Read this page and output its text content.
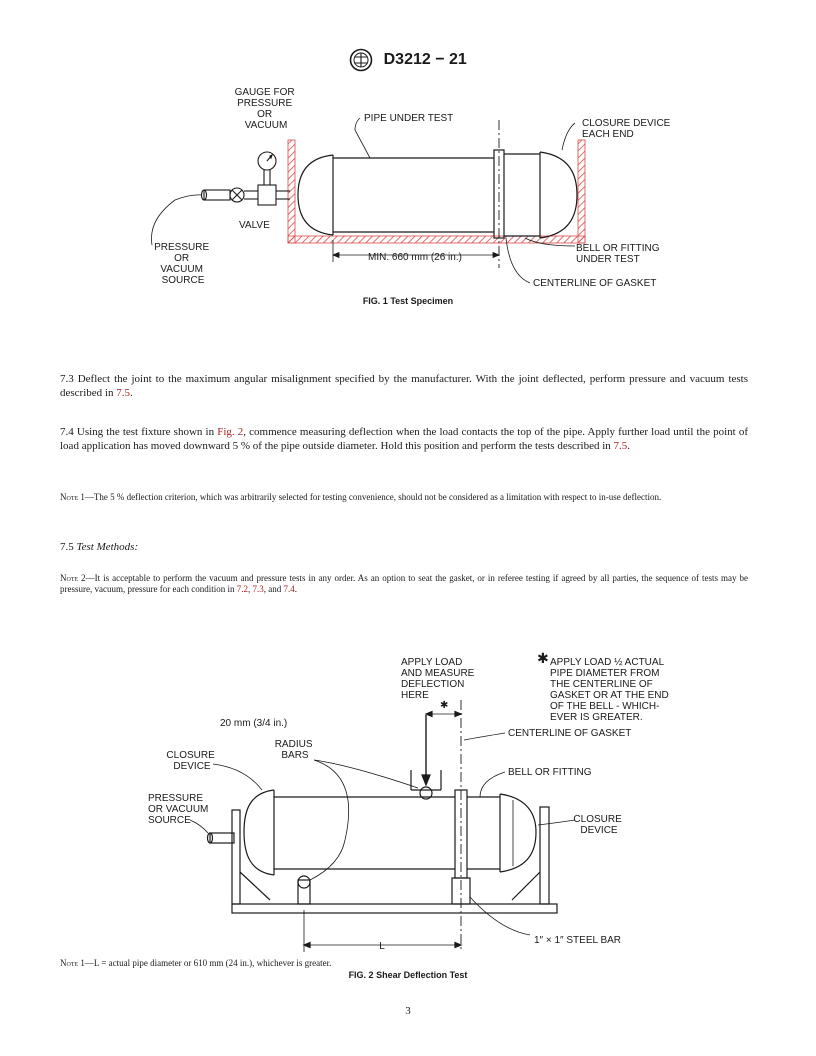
D3212 − 21
GAUGE FOR PRESSURE OR VACUUM
PIPE UNDER TEST	CLOSURE DEVICE EACH END
VALVE
PRESSURE OR VACUUM SOURCE
BELL OR FITTING UNDER TEST
MIN. 660 mm (26 in.)
CENTERLINE OF GASKET
FIG. 1 Test Specimen
7.3 Deflect the joint to the maximum angular misalignment specified by the manufacturer. With the joint deflected, perform pressure and vacuum tests described in 7.5.
7.4 Using the test fixture shown in Fig. 2, commence measuring deflection when the load contacts the top of the pipe. Apply further load until the point of load application has moved downward 5 % of the pipe outside diameter. Hold this position and perform the tests described in 7.5.
Note 1—The 5 % deflection criterion, which was arbitrarily selected for testing convenience, should not be considered as a limitation with respect to in-use deflection.
7.5 Test Methods:
Note 2—It is acceptable to perform the vacuum and pressure tests in any order. As an option to seat the gasket, or in referee testing if agreed by all parties, the sequence of tests may be pressure, vacuum, pressure for each condition in 7.2, 7.3, and 7.4.
APPLY LOAD AND MEASURE DEFLECTION HERE
✱
✱
APPLY LOAD ½ ACTUAL PIPE DIAMETER FROM THE CENTERLINE OF GASKET OR AT THE END OF THE BELL - WHICH- EVER IS GREATER.
20 mm (3/4 in.)
RADIUS BARS
CENTERLINE OF GASKET
CLOSURE DEVICE
BELL OR FITTING
PRESSURE OR VACUUM SOURCE	CLOSURE DEVICE
L
1″ × 1″ STEEL BAR
Note 1—L = actual pipe diameter or 610 mm (24 in.), whichever is greater.
FIG. 2 Shear Deflection Test
3
